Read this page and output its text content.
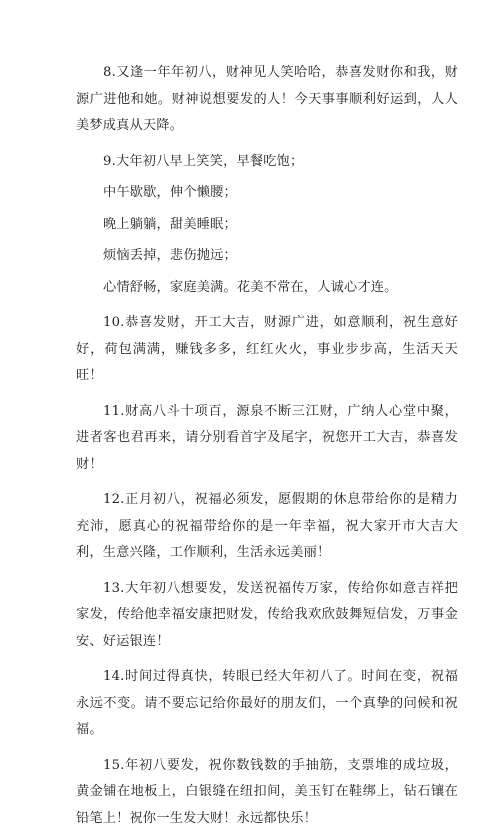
8.又逢一年年初八，财神见人笑哈哈，恭喜发财你和我，财源广进他和她。财神说想要发的人！今天事事顺利好运到，人人美梦成真从天降。

9.大年初八早上笑笑，早餐吃饱；

中午歇歇，伸个懒腰；

晚上躺躺，甜美睡眠；

烦恼丢掉，悲伤抛远；

心情舒畅，家庭美满。花美不常在，人诚心才连。

10.恭喜发财，开工大吉，财源广进，如意顺利，祝生意好好，荷包满满，赚钱多多，红红火火，事业步步高，生活天天旺！

11.财高八斗十项百，源泉不断三江财，广纳人心堂中聚，进者客也君再来，请分别看首字及尾字，祝您开工大吉，恭喜发财！

12.正月初八，祝福必须发，愿假期的休息带给你的是精力充沛，愿真心的祝福带给你的是一年幸福，祝大家开市大吉大利，生意兴隆，工作顺利，生活永远美丽！

13.大年初八想要发，发送祝福传万家，传给你如意吉祥把家发，传给他幸福安康把财发，传给我欢欣鼓舞短信发，万事金安、好运银连！

14.时间过得真快，转眼已经大年初八了。时间在变，祝福永远不变。请不要忘记给你最好的朋友们，一个真挚的问候和祝福。

15.年初八要发，祝你数钱数的手抽筋，支票堆的成垃圾，黄金铺在地板上，白银缝在纽扣间，美玉钉在鞋绑上，钻石镶在铅笔上！祝你一生发大财！永远都快乐！
